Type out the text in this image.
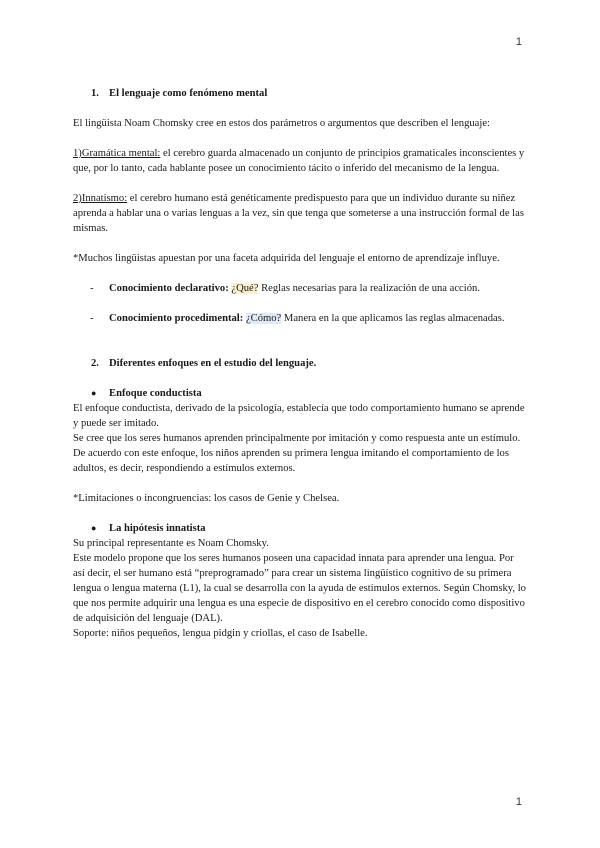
1
1. El lenguaje como fenómeno mental

El lingüista Noam Chomsky cree en estos dos parámetros o argumentos que describen el lenguaje:

1)Gramática mental: el cerebro guarda almacenado un conjunto de principios gramaticales inconscientes y que, por lo tanto, cada hablante posee un conocimiento tácito o inferido del mecanismo de la lengua.

2)Innatismo: el cerebro humano está genéticamente predispuesto para que un individuo durante su niñez aprenda a hablar una o varias lenguas a la vez, sin que tenga que someterse a una instrucción formal de las mismas.

*Muchos lingüistas apuestan por una faceta adquirida del lenguaje el entorno de aprendizaje influye.

-	Conocimiento declarativo: ¿Qué? Reglas necesarias para la realización de una acción.
-	Conocimiento procedimental: ¿Cómo? Manera en la que aplicamos las reglas almacenadas.
2. Diferentes enfoques en el estudio del lenguaje.
●	Enfoque conductista

El enfoque conductista, derivado de la psicología, establecía que todo comportamiento humano se aprende y puede ser imitado.

Se cree que los seres humanos aprenden principalmente por imitación y como respuesta ante un estímulo.

De acuerdo con este enfoque, los niños aprenden su primera lengua imitando el comportamiento de los adultos, es decir, respondiendo a estímulos externos.

*Limitaciones o incongruencias: los casos de Genie y Chelsea.

●	La hipótesis innatista

Su principal representante es Noam Chomsky.

Este modelo propone que los seres humanos poseen una capacidad innata para aprender una lengua. Por así decir, el ser humano está “preprogramado” para crear un sistema lingüístico cognitivo de su primera lengua o lengua materna (L1), la cual se desarrolla con la ayuda de estímulos externos. Según Chomsky, lo que nos permite adquirir una lengua es una especie de dispositivo en el cerebro conocido como dispositivo de adquisición del lenguaje (DAL).

Soporte: niños pequeños, lengua pidgin y criollas, el caso de Isabelle.

1
